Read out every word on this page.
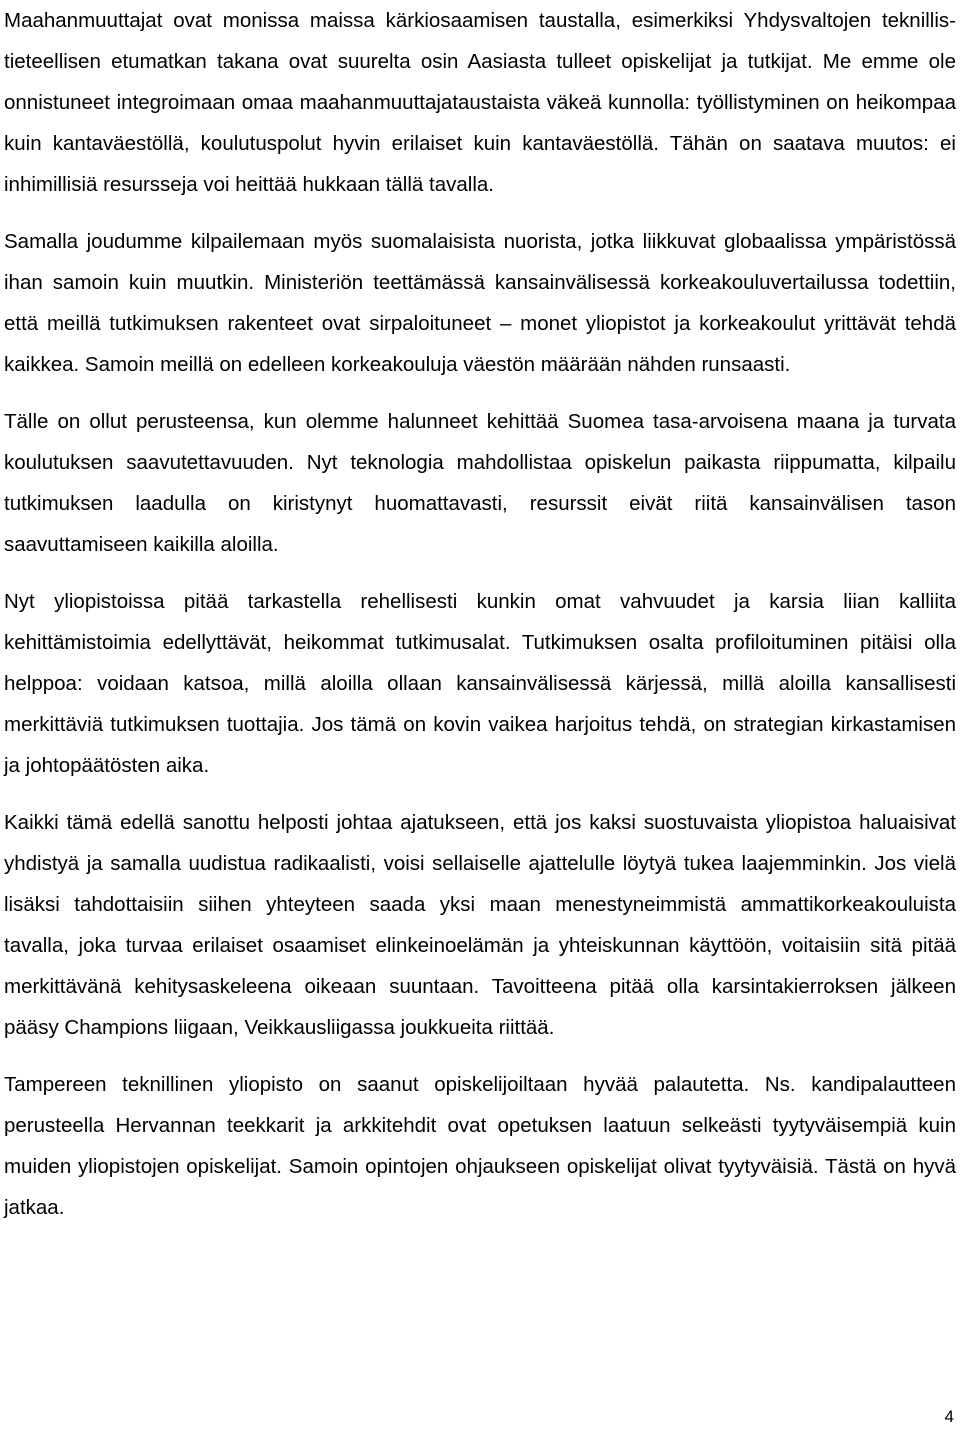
Maahanmuuttajat ovat monissa maissa kärkiosaamisen taustalla, esimerkiksi Yhdysvaltojen teknillis-tieteellisen etumatkan takana ovat suurelta osin Aasiasta tulleet opiskelijat ja tutkijat. Me emme ole onnistuneet integroimaan omaa maahanmuuttajataustaista väkeä kunnolla: työllistyminen on heikompaa kuin kantaväestöllä, koulutuspolut hyvin erilaiset kuin kantaväestöllä. Tähän on saatava muutos: ei inhimillisiä resursseja voi heittää hukkaan tällä tavalla.

Samalla joudumme kilpailemaan myös suomalaisista nuorista, jotka liikkuvat globaalissa ympäristössä ihan samoin kuin muutkin. Ministeriön teettämässä kansainvälisessä korkeakouluvertailussa todettiin, että meillä tutkimuksen rakenteet ovat sirpaloituneet – monet yliopistot ja korkeakoulut yrittävät tehdä kaikkea. Samoin meillä on edelleen korkeakouluja väestön määrään nähden runsaasti.

Tälle on ollut perusteensa, kun olemme halunneet kehittää Suomea tasa-arvoisena maana ja turvata koulutuksen saavutettavuuden. Nyt teknologia mahdollistaa opiskelun paikasta riippumatta, kilpailu tutkimuksen laadulla on kiristynyt huomattavasti, resurssit eivät riitä kansainvälisen tason saavuttamiseen kaikilla aloilla.

Nyt yliopistoissa pitää tarkastella rehellisesti kunkin omat vahvuudet ja karsia liian kalliita kehittämistoimia edellyttävät, heikommat tutkimusalat. Tutkimuksen osalta profiloituminen pitäisi olla helppoa: voidaan katsoa, millä aloilla ollaan kansainvälisessä kärjessä, millä aloilla kansallisesti merkittäviä tutkimuksen tuottajia. Jos tämä on kovin vaikea harjoitus tehdä, on strategian kirkastamisen ja johtopäätösten aika.

Kaikki tämä edellä sanottu helposti johtaa ajatukseen, että jos kaksi suostuvaista yliopistoa haluaisivat yhdistyä ja samalla uudistua radikaalisti, voisi sellaiselle ajattelulle löytyä tukea laajemminkin. Jos vielä lisäksi tahdottaisiin siihen yhteyteen saada yksi maan menestyneimmistä ammattikorkeakouluista tavalla, joka turvaa erilaiset osaamiset elinkeinoelämän ja yhteiskunnan käyttöön, voitaisiin sitä pitää merkittävänä kehitysaskeleena oikeaan suuntaan. Tavoitteena pitää olla karsintakierroksen jälkeen pääsy Champions liigaan, Veikkausliigassa joukkueita riittää.

Tampereen teknillinen yliopisto on saanut opiskelijoiltaan hyvää palautetta. Ns. kandipalautteen perusteella Hervannan teekkarit ja arkkitehdit ovat opetuksen laatuun selkeästi tyytyväisempiä kuin muiden yliopistojen opiskelijat. Samoin opintojen ohjaukseen opiskelijat olivat tyytyväisiä. Tästä on hyvä jatkaa.

4
